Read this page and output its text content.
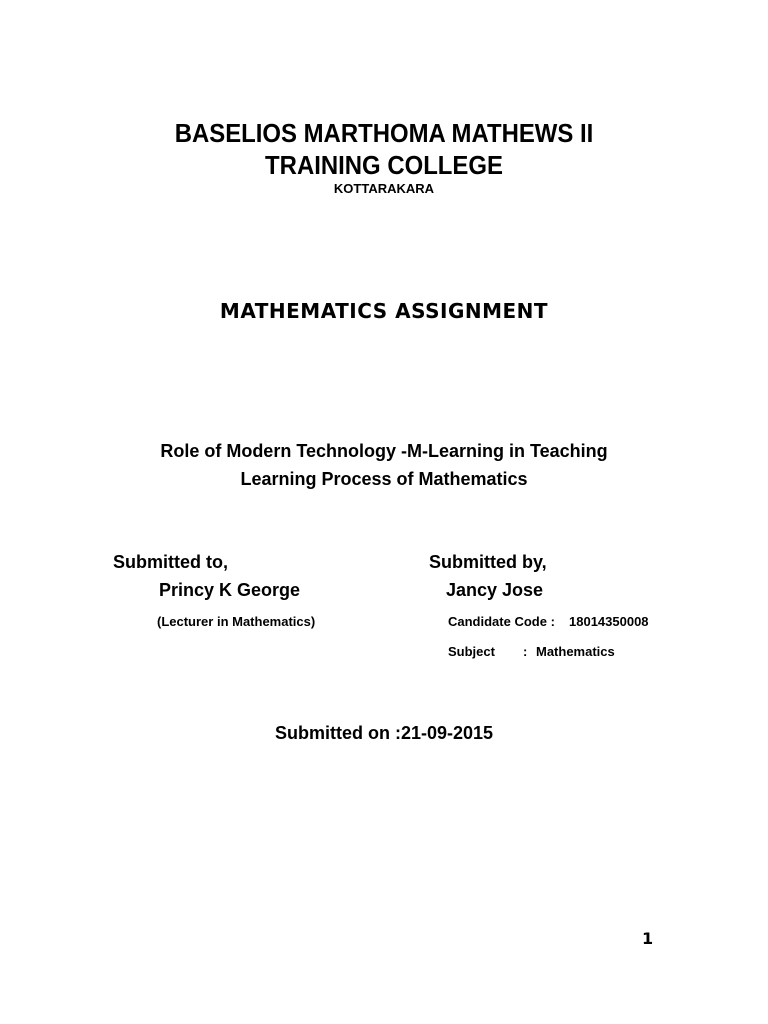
BASELIOS MARTHOMA MATHEWS II
TRAINING COLLEGE
KOTTARAKARA
MATHEMATICS ASSIGNMENT
Role of Modern Technology -M-Learning in Teaching
Learning Process of Mathematics
Submitted to,
Princy K George
(Lecturer in Mathematics)
Submitted by,
Jancy Jose
Candidate Code : 18014350008
Subject : Mathematics
Submitted on :21-09-2015
1
